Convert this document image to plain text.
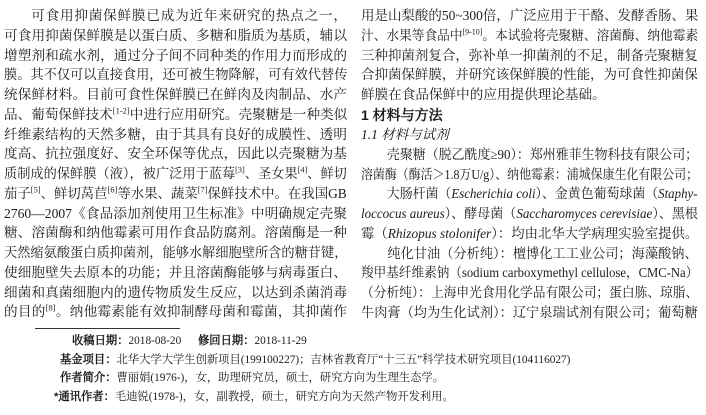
可食用抑菌保鲜膜已成为近年来研究的热点之一，
可食用抑菌保鲜膜是以蛋白质、多糖和脂质为基质，辅以
增塑剂和疏水剂，通过分子间不同种类的作用力而形成的
膜。其不仅可以直接食用，还可被生物降解，可有效代替传
统保鲜材料。目前可食性保鲜膜已在鲜肉及肉制品、水产
品、葡萄保鲜技术[1-2]中进行应用研究。壳聚糖是一种类似
纤维素结构的天然多糖，由于其具有良好的成膜性、透明
度高、抗拉强度好、安全环保等优点，因此以壳聚糖为基
质制成的保鲜膜（液），被广泛用于蓝莓[3]、圣女果[4]、鲜切
茄子[5]、鲜切莴苣[6]等水果、蔬菜[7]保鲜技术中。在我国GB
2760—2007《食品添加剂使用卫生标准》中明确规定壳聚
糖、溶菌酶和纳他霉素可用作食品防腐剂。溶菌酶是一种
天然缩氨酸蛋白质抑菌剂，能够水解细胞壁所含的糖苷键，
使细胞壁失去原本的功能；并且溶菌酶能够与病毒蛋白、
细菌和真菌细胞内的遗传物质发生反应，以达到杀菌消毒
的目的[8]。纳他霉素能有效抑制酵母菌和霉菌，其抑菌作
用是山梨酸的50~300倍，广泛应用于干酪、发酵香肠、果
汁、水果等食品中[9-10]。本试验将壳聚糖、溶菌酶、纳他霉素
三种抑菌剂复合，弥补单一抑菌剂的不足，制备壳聚糖复
合抑菌保鲜膜，并研究该保鲜膜的性能，为可食性抑菌保
鲜膜在食品保鲜中的应用提供理论基础。
1 材料与方法
1.1 材料与试剂
壳聚糖（脱乙酰度≥90）：郑州雅菲生物科技有限公司；
溶菌酶（酶活＞1.8万U/g）、纳他霉素：浦城保康生化有限公司；
大肠杆菌（Escherichia coli）、金黄色葡萄球菌（Staphy-
loccocus aureus）、酵母菌（Saccharomyces cerevisiae）、黑根
霉（Rhizopus stolonifer）：均由北华大学病理实验室提供。
纯化甘油（分析纯）：檀博化工工业公司；海藻酸钠、
羧甲基纤维素钠（sodium carboxymethyl cellulose，CMC-Na）
（分析纯）：上海申光食用化学品有限公司；蛋白胨、琼脂、
牛肉膏（均为生化试剂）：辽宁泉瑞试剂有限公司；葡萄糖
收稿日期：2018-08-20 修回日期：2018-11-29
基金项目：北华大学大学生创新项目(199100227)；吉林省教育厅“十三五”科学技术研究项目(104116027)
作者简介：曹丽娟(1976-)，女，助理研究员，硕士，研究方向为生理生态学。
*通讯作者：毛迪锐(1978-)，女，副教授，硕士，研究方向为天然产物开发利用。
